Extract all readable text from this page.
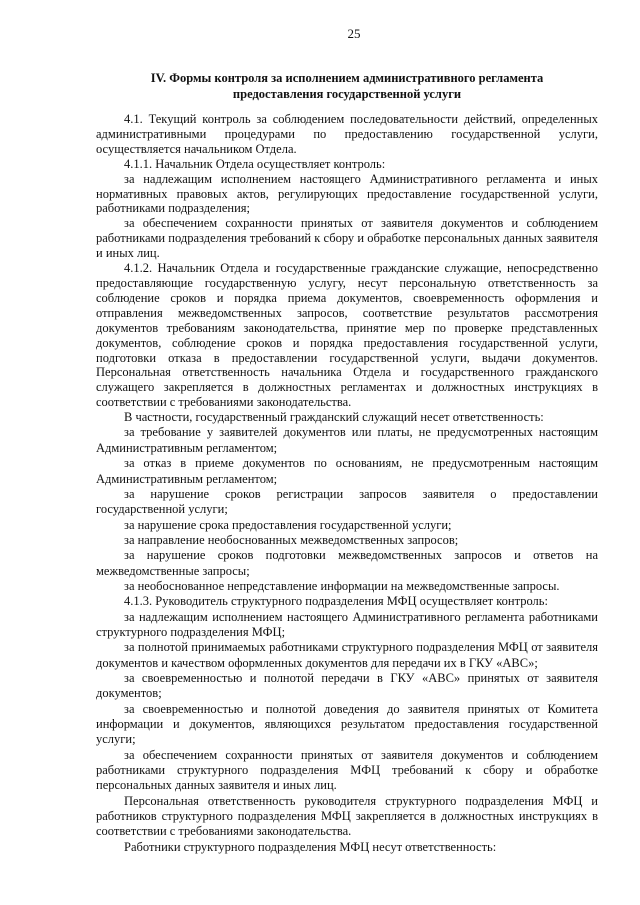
25
IV. Формы контроля за исполнением административного регламента
предоставления государственной услуги

4.1. Текущий контроль за соблюдением последовательности действий, определенных административными процедурами по предоставлению государственной услуги, осуществляется начальником Отдела.

4.1.1. Начальник Отдела осуществляет контроль:

за надлежащим исполнением настоящего Административного регламента и иных нормативных правовых актов, регулирующих предоставление государственной услуги, работниками подразделения;

за обеспечением сохранности принятых от заявителя документов и соблюдением работниками подразделения требований к сбору и обработке персональных данных заявителя и иных лиц.

4.1.2. Начальник Отдела и государственные гражданские служащие, непосредственно предоставляющие государственную услугу, несут персональную ответственность за соблюдение сроков и порядка приема документов, своевременность оформления и отправления межведомственных запросов, соответствие результатов рассмотрения документов требованиям законодательства, принятие мер по проверке представленных документов, соблюдение сроков и порядка предоставления государственной услуги, подготовки отказа в предоставлении государственной услуги, выдачи документов. Персональная ответственность начальника Отдела и государственного гражданского служащего закрепляется в должностных регламентах и должностных инструкциях в соответствии с требованиями законодательства.

В частности, государственный гражданский служащий несет ответственность:

за требование у заявителей документов или платы, не предусмотренных настоящим Административным регламентом;

за отказ в приеме документов по основаниям, не предусмотренным настоящим Административным регламентом;

за нарушение сроков регистрации запросов заявителя о предоставлении государственной услуги;

за нарушение срока предоставления государственной услуги;

за направление необоснованных межведомственных запросов;

за нарушение сроков подготовки межведомственных запросов и ответов на межведомственные запросы;

за необоснованное непредставление информации на межведомственные запросы.

4.1.3. Руководитель структурного подразделения МФЦ осуществляет контроль:

за надлежащим исполнением настоящего Административного регламента работниками структурного подразделения МФЦ;

за полнотой принимаемых работниками структурного подразделения МФЦ от заявителя документов и качеством оформленных документов для передачи их в ГКУ «АВС»;

за своевременностью и полнотой передачи в ГКУ «АВС» принятых от заявителя документов;

за своевременностью и полнотой доведения до заявителя принятых от Комитета информации и документов, являющихся результатом предоставления государственной услуги;

за обеспечением сохранности принятых от заявителя документов и соблюдением работниками структурного подразделения МФЦ требований к сбору и обработке персональных данных заявителя и иных лиц.

Персональная ответственность руководителя структурного подразделения МФЦ и работников структурного подразделения МФЦ закрепляется в должностных инструкциях в соответствии с требованиями законодательства.

Работники структурного подразделения МФЦ несут ответственность:
